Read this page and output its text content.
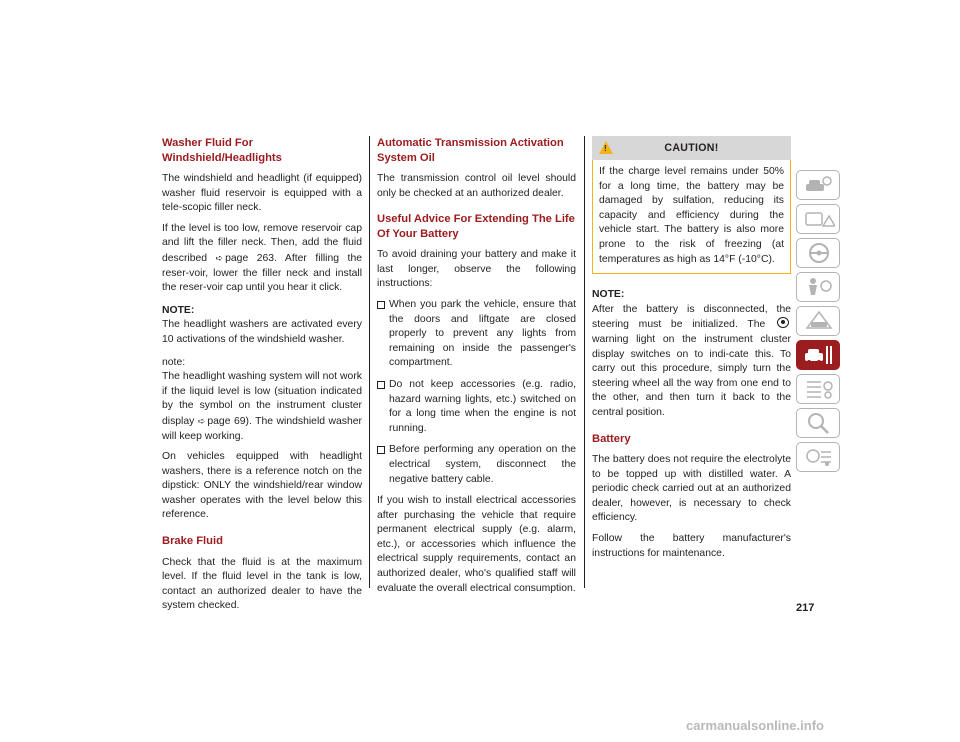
Washer Fluid For Windshield/Headlights

The windshield and headlight (if equipped) washer fluid reservoir is equipped with a tele-scopic filler neck.

If the level is too low, remove reservoir cap and lift the filler neck. Then, add the fluid described ➪ page 263. After filling the reser-voir, lower the filler neck and install the reser-voir cap until you hear it click.

NOTE:
The headlight washers are activated every 10 activations of the windshield washer.

note:
The headlight washing system will not work if the liquid level is low (situation indicated by the symbol on the instrument cluster display ➪ page 69). The windshield washer will keep working.

On vehicles equipped with headlight washers, there is a reference notch on the dipstick: ONLY the windshield/rear window washer operates with the level below this reference.

Brake Fluid

Check that the fluid is at the maximum level. If the fluid level in the tank is low, contact an authorized dealer to have the system checked.

Automatic Transmission Activation System Oil

The transmission control oil level should only be checked at an authorized dealer.

Useful Advice For Extending The Life Of Your Battery

To avoid draining your battery and make it last longer, observe the following instructions:

When you park the vehicle, ensure that the doors and liftgate are closed properly to prevent any lights from remaining on inside the passenger's compartment.
Do not keep accessories (e.g. radio, hazard warning lights, etc.) switched on for a long time when the engine is not running.
Before performing any operation on the electrical system, disconnect the negative battery cable.

If you wish to install electrical accessories after purchasing the vehicle that require permanent electrical supply (e.g. alarm, etc.), or accessories which influence the electrical supply requirements, contact an authorized dealer, who's qualified staff will evaluate the overall electrical consumption.

!	CAUTION!

If the charge level remains under 50% for a long time, the battery may be damaged by sulfation, reducing its capacity and efficiency during the vehicle start. The battery is also more prone to the risk of freezing (at temperatures as high as 14°F (-10°C).

NOTE:
After the battery is disconnected, the steering must be initialized. The  warning light on the instrument cluster display switches on to indi-cate this. To carry out this procedure, simply turn the steering wheel all the way from one end to the other, and then turn it back to the central position.

Battery

The battery does not require the electrolyte to be topped up with distilled water. A periodic check carried out at an authorized dealer, however, is necessary to check efficiency.

Follow the battery manufacturer's instructions for maintenance.

217
carmanualsonline.info
